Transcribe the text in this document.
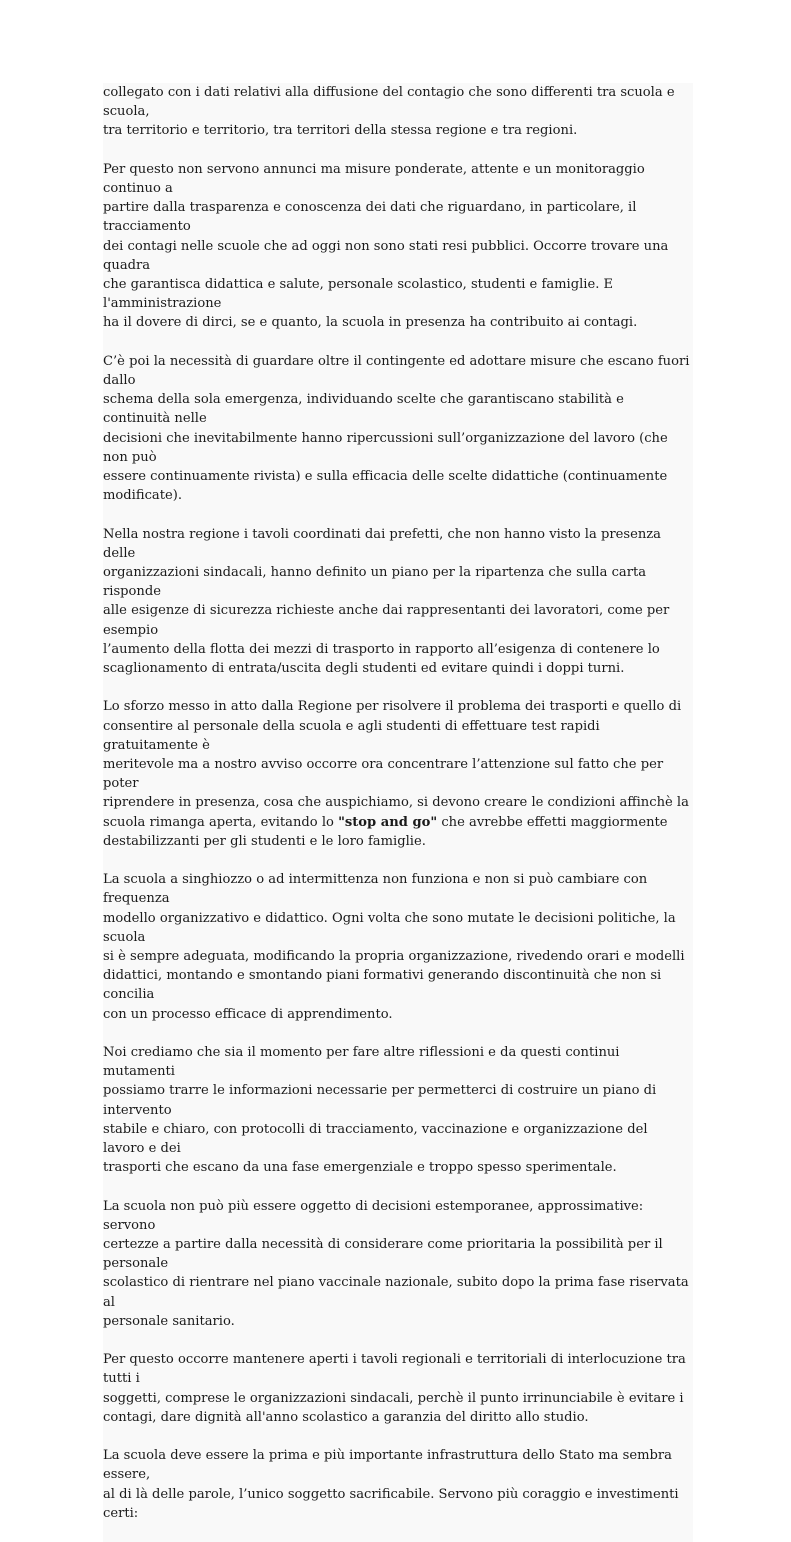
collegato con i dati relativi alla diffusione del contagio che sono differenti tra scuola e scuola,
tra territorio e territorio, tra territori della stessa regione e tra regioni.

Per questo non servono annunci ma misure ponderate, attente e un monitoraggio continuo a
partire dalla trasparenza e conoscenza dei dati che riguardano, in particolare, il tracciamento
dei contagi nelle scuole che ad oggi non sono stati resi pubblici. Occorre trovare una quadra
che garantisca didattica e salute, personale scolastico, studenti e famiglie. E l'amministrazione
ha il dovere di dirci, se e quanto, la scuola in presenza ha contribuito ai contagi.

C’è poi la necessità di guardare oltre il contingente ed adottare misure che escano fuori dallo
schema della sola emergenza, individuando scelte che garantiscano stabilità e continuità nelle
decisioni che inevitabilmente hanno ripercussioni sull’organizzazione del lavoro (che non può
essere continuamente rivista) e sulla efficacia delle scelte didattiche (continuamente
modificate).

Nella nostra regione i tavoli coordinati dai prefetti, che non hanno visto la presenza delle
organizzazioni sindacali, hanno definito un piano per la ripartenza che sulla carta risponde
alle esigenze di sicurezza richieste anche dai rappresentanti dei lavoratori, come per esempio
l’aumento della flotta dei mezzi di trasporto in rapporto all’esigenza di contenere lo
scaglionamento di entrata/uscita degli studenti ed evitare quindi i doppi turni.

Lo sforzo messo in atto dalla Regione per risolvere il problema dei trasporti e quello di
consentire al personale della scuola e agli studenti di effettuare test rapidi gratuitamente è
meritevole ma a nostro avviso occorre ora concentrare l’attenzione sul fatto che per poter
riprendere in presenza, cosa che auspichiamo, si devono creare le condizioni affinchè la
scuola rimanga aperta, evitando lo "stop and go" che avrebbe effetti maggiormente
destabilizzanti per gli studenti e le loro famiglie.

La scuola a singhiozzo o ad intermittenza non funziona e non si può cambiare con frequenza
modello organizzativo e didattico. Ogni volta che sono mutate le decisioni politiche, la scuola
si è sempre adeguata, modificando la propria organizzazione, rivedendo orari e modelli
didattici, montando e smontando piani formativi generando discontinuità che non si concilia
con un processo efficace di apprendimento.

Noi crediamo che sia il momento per fare altre riflessioni e da questi continui mutamenti
possiamo trarre le informazioni necessarie per permetterci di costruire un piano di intervento
stabile e chiaro, con protocolli di tracciamento, vaccinazione e organizzazione del lavoro e dei
trasporti che escano da una fase emergenziale e troppo spesso sperimentale.

La scuola non può più essere oggetto di decisioni estemporanee, approssimative: servono
certezze a partire dalla necessità di considerare come prioritaria la possibilità per il personale
scolastico di rientrare nel piano vaccinale nazionale, subito dopo la prima fase riservata al
personale sanitario.

Per questo occorre mantenere aperti i tavoli regionali e territoriali di interlocuzione tra tutti i
soggetti, comprese le organizzazioni sindacali, perchè il punto irrinunciabile è evitare i
contagi, dare dignità all'anno scolastico a garanzia del diritto allo studio.

La scuola deve essere la prima e più importante infrastruttura dello Stato ma sembra essere,
al di là delle parole, l’unico soggetto sacrificabile. Servono più coraggio e investimenti certi:
